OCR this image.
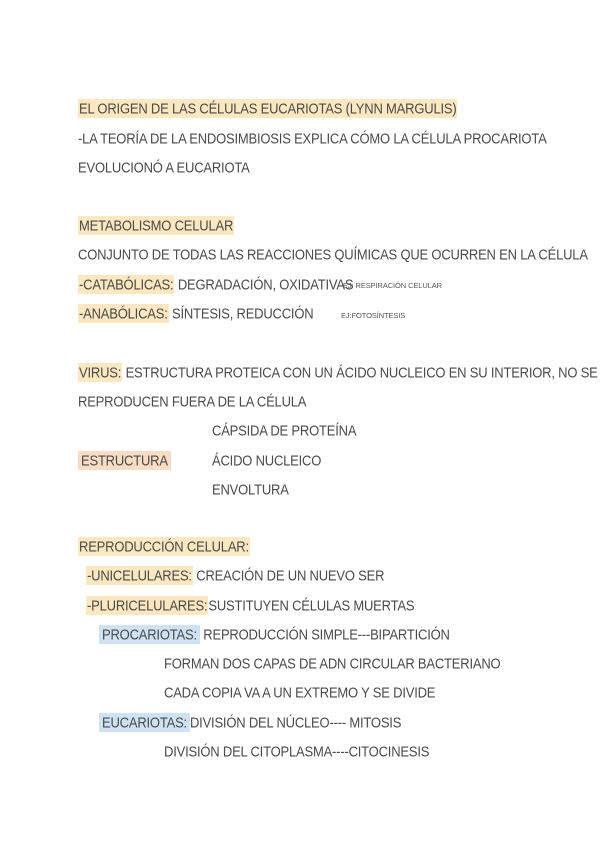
EL ORIGEN DE LAS CÉLULAS EUCARIOTAS (LYNN MARGULIS)
-LA TEORÍA DE LA ENDOSIMBIOSIS EXPLICA CÓMO LA CÉLULA PROCARIOTA
EVOLUCIONÓ A EUCARIOTA
METABOLISMO CELULAR
CONJUNTO DE TODAS LAS REACCIONES QUÍMICAS QUE OCURREN EN LA CÉLULA
-CATABÓLICAS: DEGRADACIÓN, OXIDATIVAS
EJ: RESPIRACIÓN CELULAR
-ANABÓLICAS: SÍNTESIS, REDUCCIÓN	EJ:FOTOSÍNTESIS
VIRUS: ESTRUCTURA PROTEICA CON UN ÁCIDO NUCLEICO EN SU INTERIOR, NO SE
REPRODUCEN FUERA DE LA CÉLULA
CÁPSIDA DE PROTEÍNA
ESTRUCTURA	ÁCIDO NUCLEICO
ENVOLTURA
REPRODUCCIÓN CELULAR:
-UNICELULARES: CREACIÓN DE UN NUEVO SER
-PLURICELULARES:SUSTITUYEN CÉLULAS MUERTAS
PROCARIOTAS: REPRODUCCIÓN SIMPLE---BIPARTICIÓN
FORMAN DOS CAPAS DE ADN CIRCULAR BACTERIANO
CADA COPIA VA A UN EXTREMO Y SE DIVIDE
EUCARIOTAS: DIVISIÓN DEL NÚCLEO---- MITOSIS
DIVISIÓN DEL CITOPLASMA----CITOCINESIS
